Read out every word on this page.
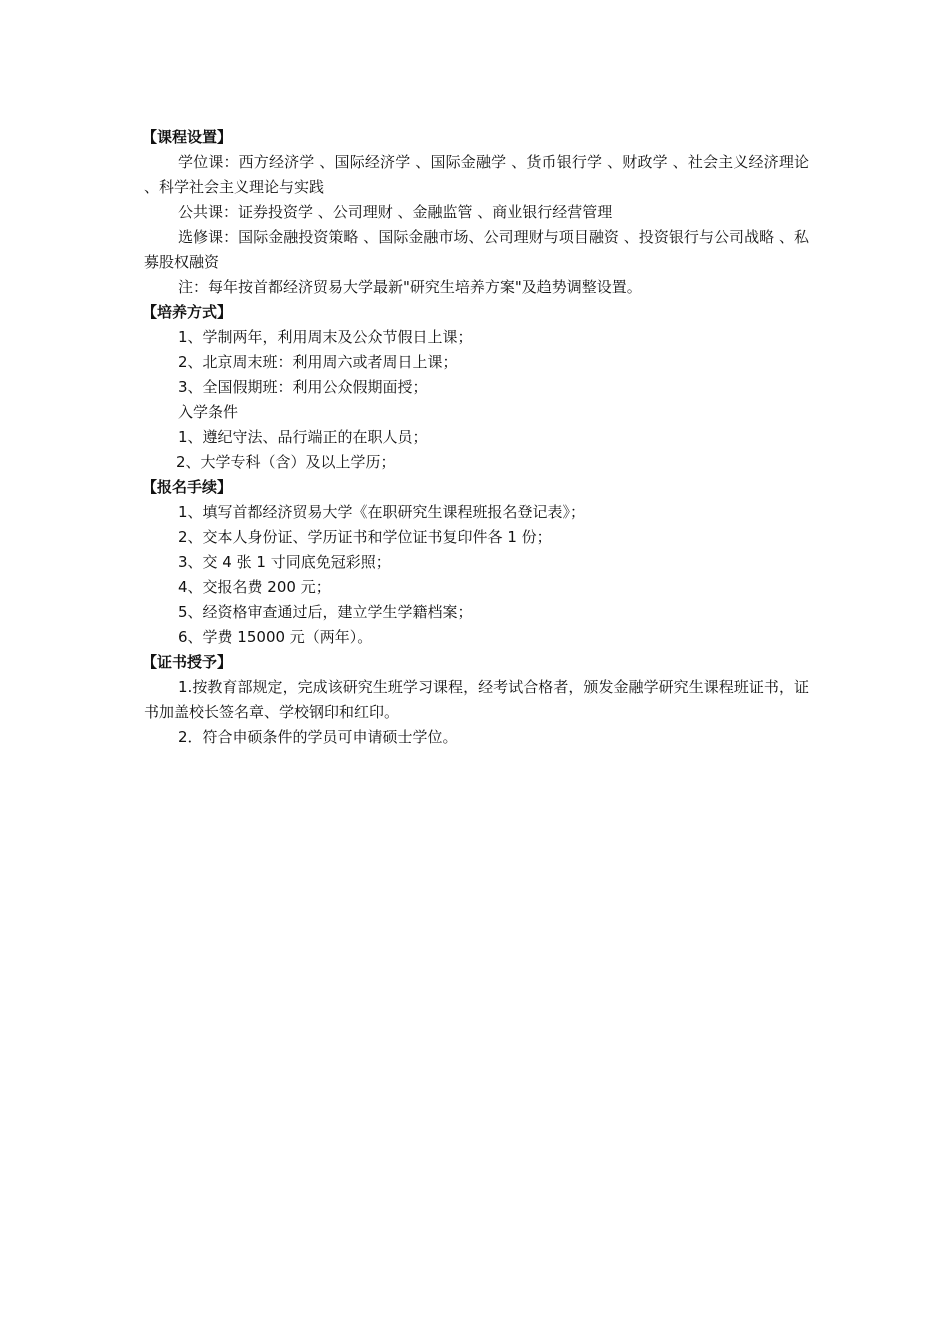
【课程设置】
学位课：西方经济学 、国际经济学 、国际金融学 、货币银行学 、财政学 、社会主义经济理论 、科学社会主义理论与实践
公共课：证券投资学 、公司理财 、金融监管 、商业银行经营管理
选修课：国际金融投资策略 、国际金融市场、公司理财与项目融资 、投资银行与公司战略 、私募股权融资
注：每年按首都经济贸易大学最新"研究生培养方案"及趋势调整设置。
【培养方式】
1、学制两年，利用周末及公众节假日上课；
2、北京周末班：利用周六或者周日上课；
3、全国假期班：利用公众假期面授；
入学条件
1、遵纪守法、品行端正的在职人员；
2、大学专科（含）及以上学历；
【报名手续】
1、填写首都经济贸易大学《在职研究生课程班报名登记表》；
2、交本人身份证、学历证书和学位证书复印件各 1 份；
3、交 4 张 1 寸同底免冠彩照；
4、交报名费 200 元；
5、经资格审查通过后，建立学生学籍档案；
6、学费 15000 元（两年）。
【证书授予】
1.按教育部规定，完成该研究生班学习课程，经考试合格者，颁发金融学研究生课程班证书，证书加盖校长签名章、学校钢印和红印。
2．符合申硕条件的学员可申请硕士学位。
